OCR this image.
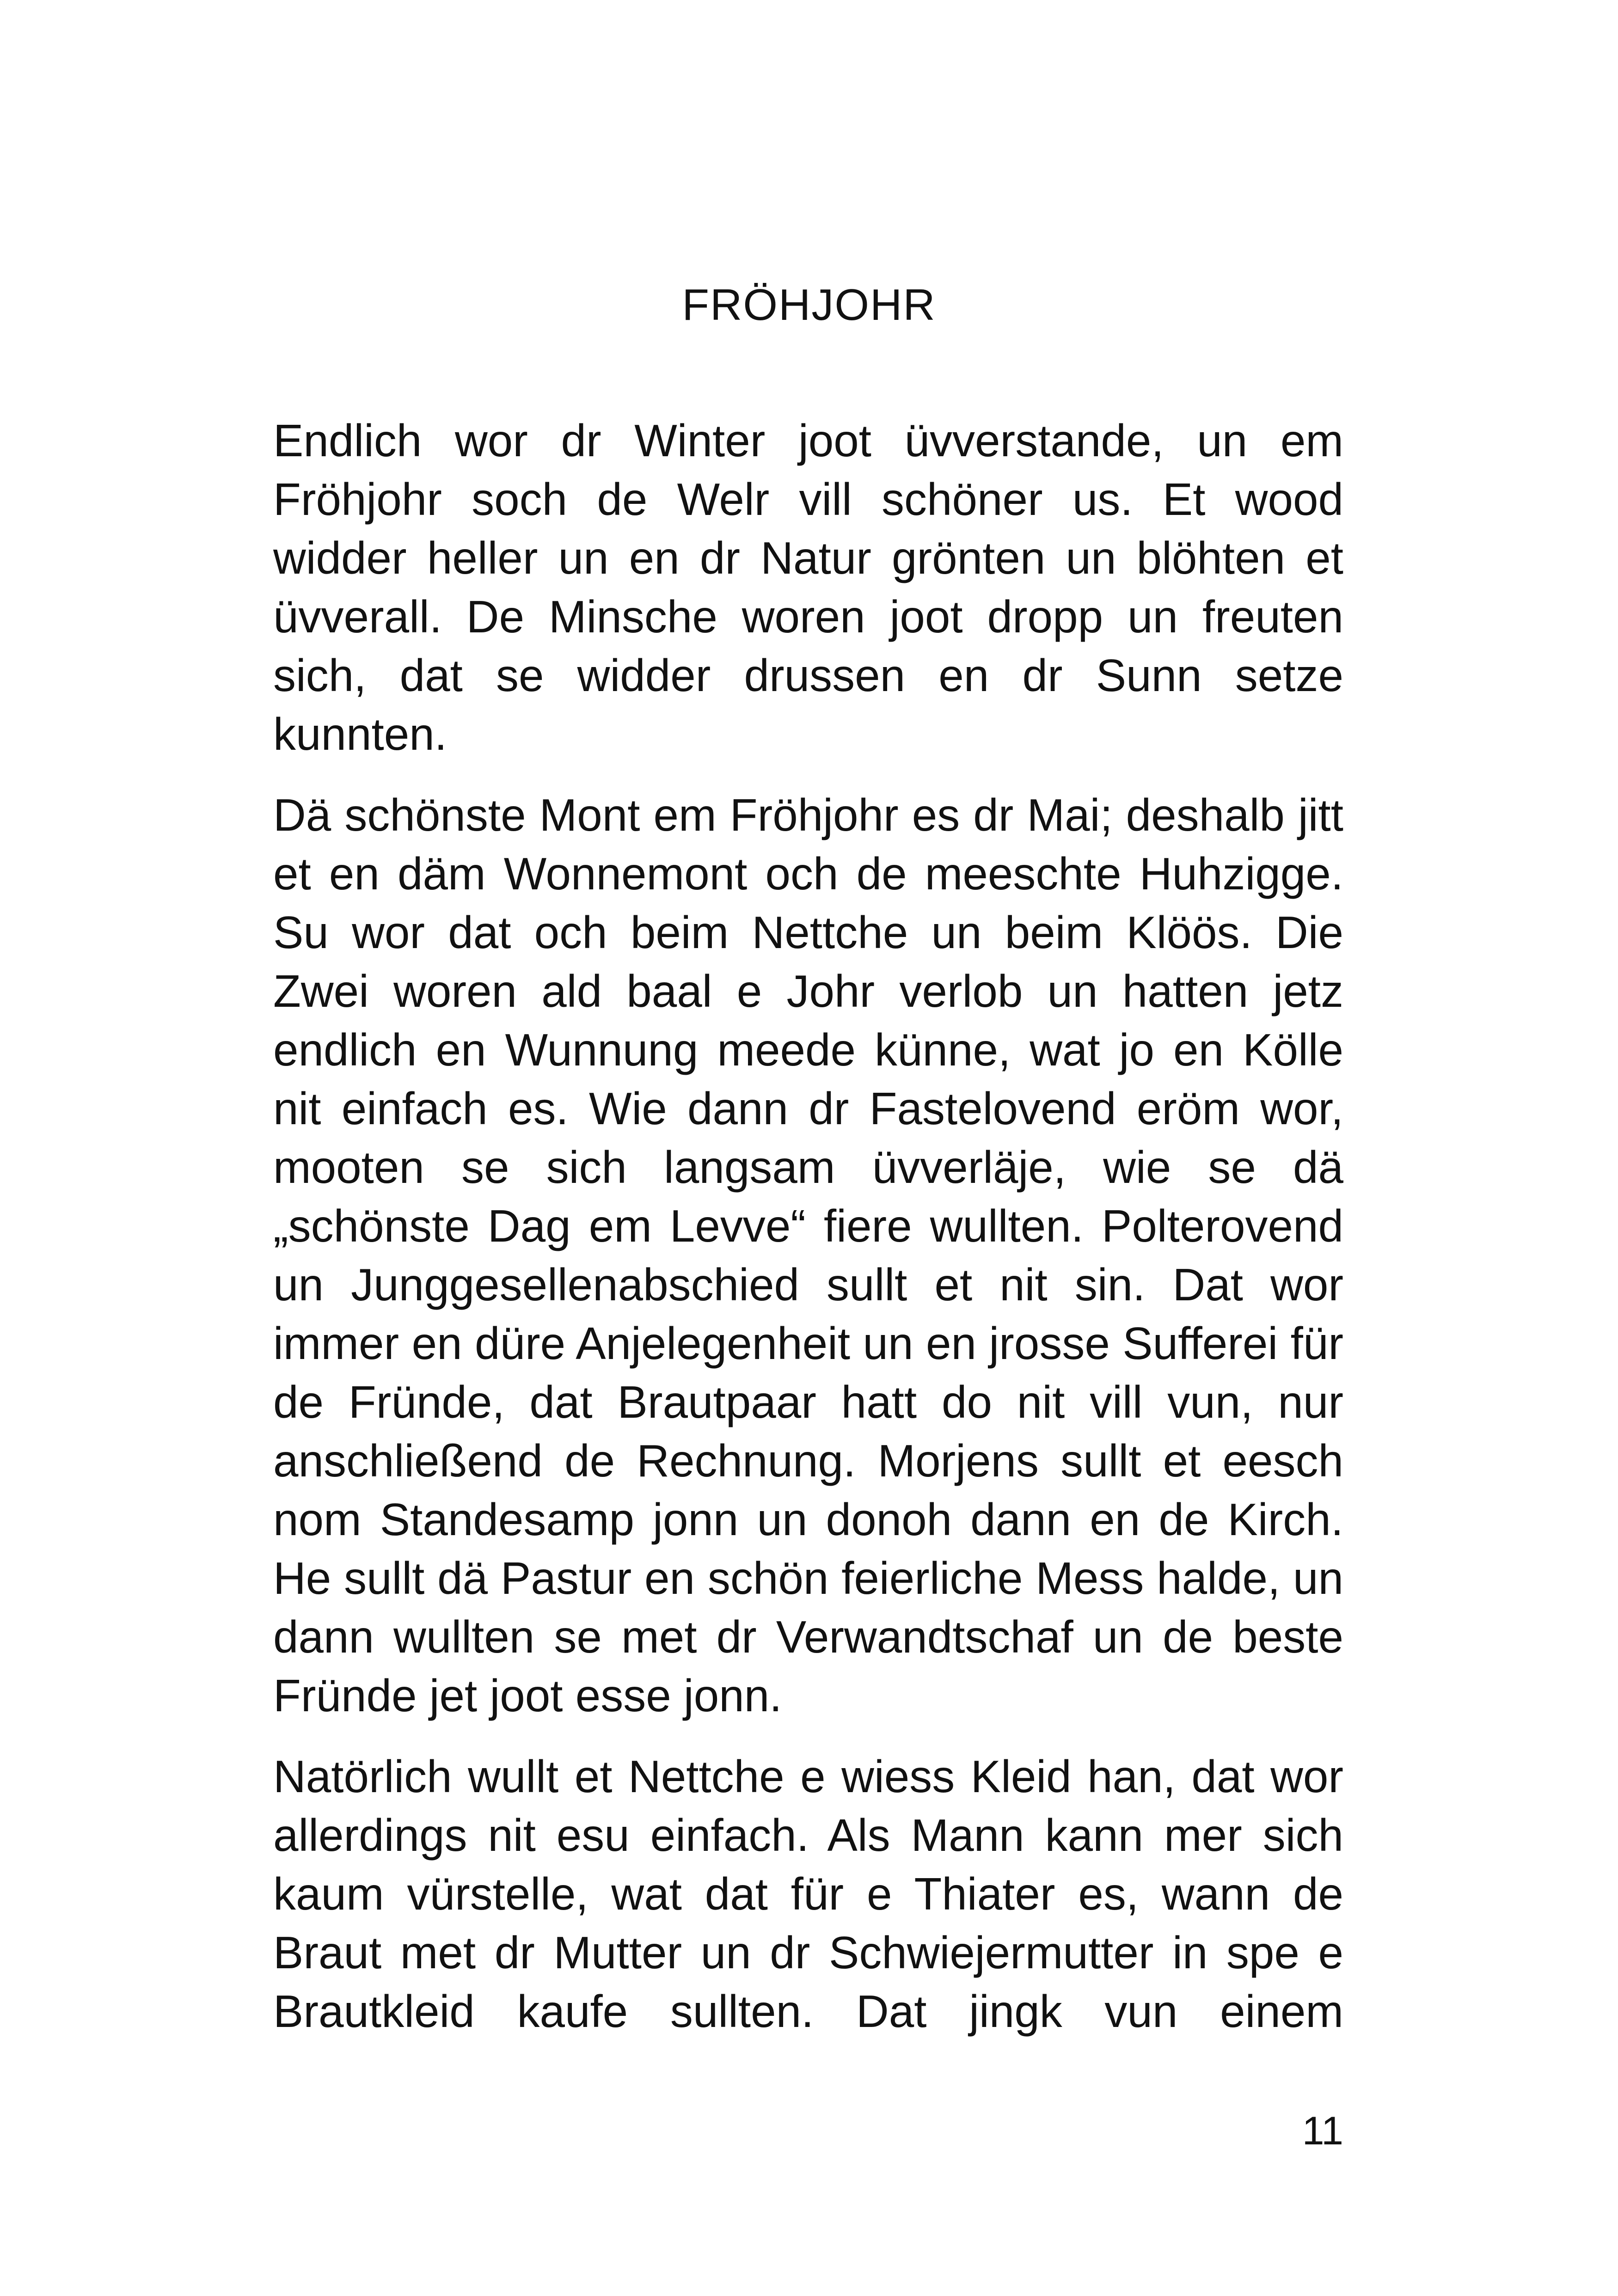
FRÖHJOHR

Endlich wor dr Winter joot üvverstande, un em Fröhjohr soch de Welr vill schöner us. Et wood widder heller un en dr Natur grönten un blöhten et üvverall. De Minsche woren joot dropp un freuten sich, dat se widder drussen en dr Sunn setze kunnten.

Dä schönste Mont em Fröhjohr es dr Mai; deshalb jitt et en däm Wonnemont och de meeschte Huhzigge. Su wor dat och beim Nettche un beim Klöös. Die Zwei woren ald baal e Johr verlob un hatten jetz endlich en Wunnung meede künne, wat jo en Kölle nit einfach es. Wie dann dr Fastelovend eröm wor, mooten se sich langsam üvverläje, wie se dä „schönste Dag em Levve“ fiere wullten. Polterovend un Junggesellenabschied sullt et nit sin. Dat wor immer en düre Anjelegenheit un en jrosse Sufferei für de Fründe, dat Brautpaar hatt do nit vill vun, nur anschließend de Rechnung. Morjens sullt et eesch nom Standesamp jonn un donoh dann en de Kirch. He sullt dä Pastur en schön feierliche Mess halde, un dann wullten se met dr Verwandtschaf un de beste Fründe jet joot esse jonn.

Natörlich wullt et Nettche e wiess Kleid han, dat wor allerdings nit esu einfach. Als Mann kann mer sich kaum vürstelle, wat dat für e Thiater es, wann de Braut met dr Mutter un dr Schwiejermutter in spe e Brautkleid kaufe sullten. Dat jingk vun einem

11
